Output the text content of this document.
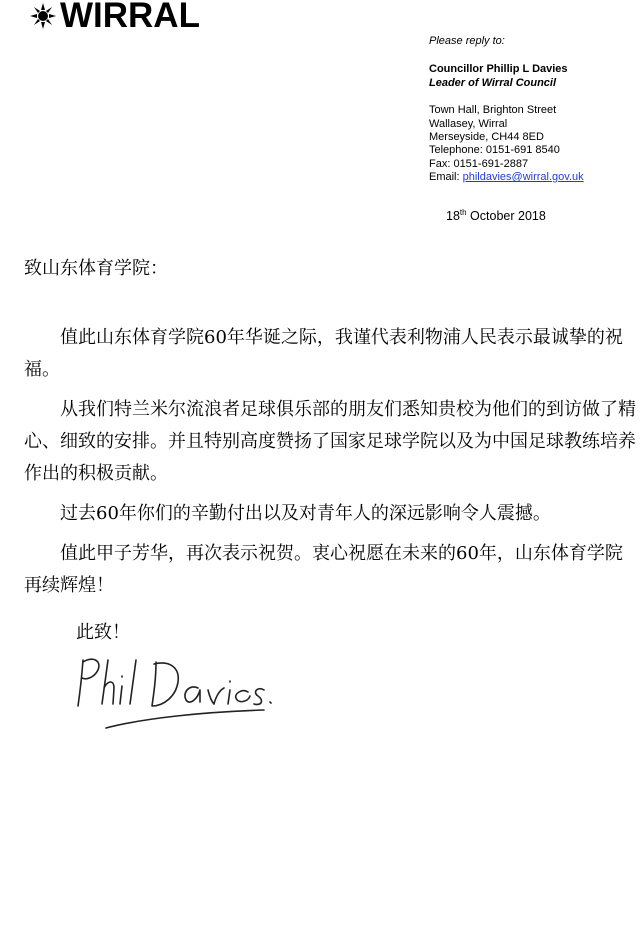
WIRRAL
Please reply to:
Councillor Phillip L Davies
Leader of Wirral Council
Town Hall, Brighton Street
Wallasey, Wirral
Merseyside, CH44 8ED
Telephone: 0151-691 8540
Fax: 0151-691-2887
Email: phildavies@wirral.gov.uk
18th October 2018
致山东体育学院：

值此山东体育学院60年华诞之际，我谨代表利物浦人民表示最诚挚的祝福。

从我们特兰米尔流浪者足球俱乐部的朋友们悉知贵校为他们的到访做了精心、细致的安排。并且特别高度赞扬了国家足球学院以及为中国足球教练培养作出的积极贡献。

过去60年你们的辛勤付出以及对青年人的深远影响令人震撼。

值此甲子芳华，再次表示祝贺。衷心祝愿在未来的60年，山东体育学院再续辉煌！

此致！
